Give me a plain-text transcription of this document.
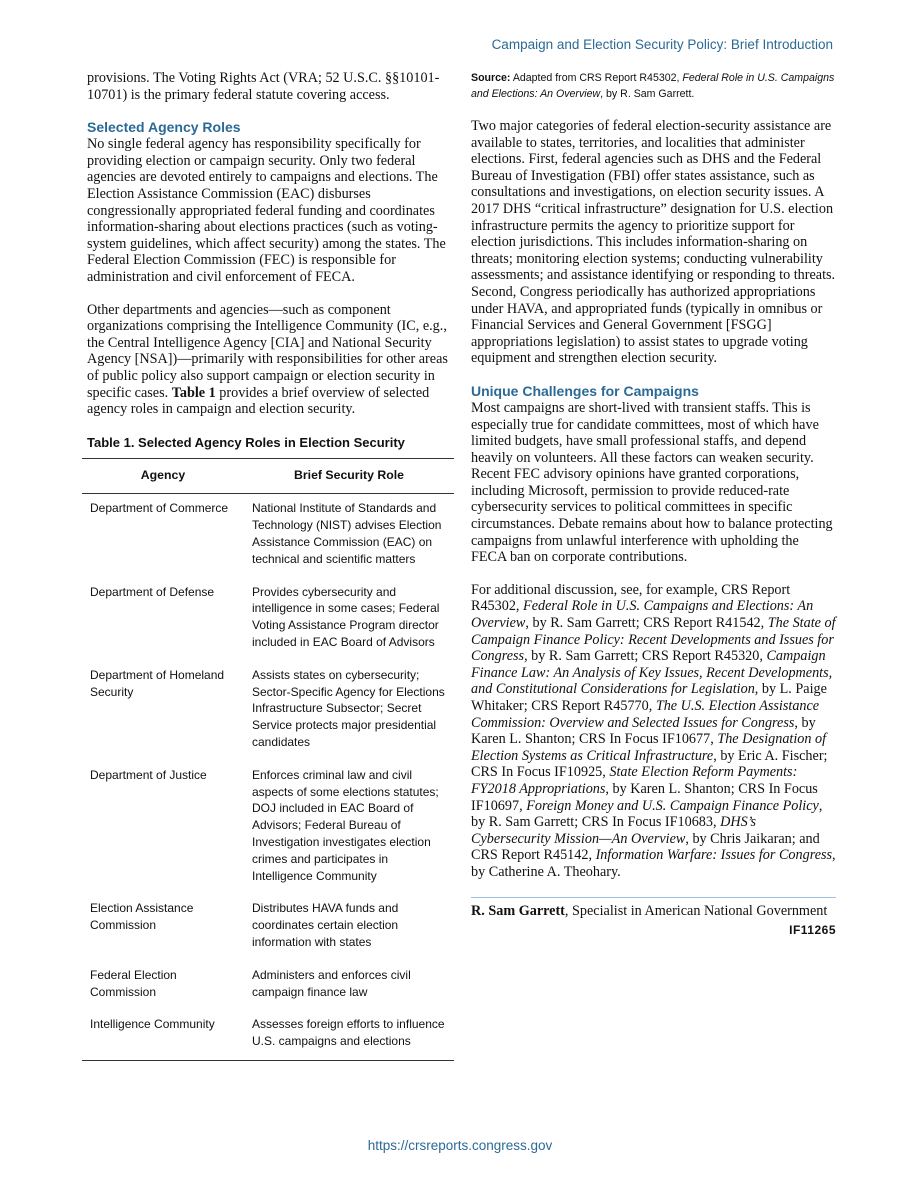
Campaign and Election Security Policy: Brief Introduction

provisions. The Voting Rights Act (VRA; 52 U.S.C. §§10101-10701) is the primary federal statute covering access.

Selected Agency Roles

No single federal agency has responsibility specifically for providing election or campaign security. Only two federal agencies are devoted entirely to campaigns and elections. The Election Assistance Commission (EAC) disburses congressionally appropriated federal funding and coordinates information-sharing about elections practices (such as voting-system guidelines, which affect security) among the states. The Federal Election Commission (FEC) is responsible for administration and civil enforcement of FECA.

Other departments and agencies—such as component organizations comprising the Intelligence Community (IC, e.g., the Central Intelligence Agency [CIA] and National Security Agency [NSA])—primarily with responsibilities for other areas of public policy also support campaign or election security in specific cases. Table 1 provides a brief overview of selected agency roles in campaign and election security.

Table 1. Selected Agency Roles in Election Security
Agency	Brief Security Role
Department of Commerce	National Institute of Standards and Technology (NIST) advises Election Assistance Commission (EAC) on technical and scientific matters
Department of Defense	Provides cybersecurity and intelligence in some cases; Federal Voting Assistance Program director included in EAC Board of Advisors
Department of Homeland Security	Assists states on cybersecurity; Sector-Specific Agency for Elections Infrastructure Subsector; Secret Service protects major presidential candidates
Department of Justice	Enforces criminal law and civil aspects of some elections statutes; DOJ included in EAC Board of Advisors; Federal Bureau of Investigation investigates election crimes and participates in Intelligence Community
Election Assistance Commission	Distributes HAVA funds and coordinates certain election information with states
Federal Election Commission	Administers and enforces civil campaign finance law
Intelligence Community	Assesses foreign efforts to influence U.S. campaigns and elections
Source: Adapted from CRS Report R45302, Federal Role in U.S. Campaigns and Elections: An Overview, by R. Sam Garrett.

Two major categories of federal election-security assistance are available to states, territories, and localities that administer elections. First, federal agencies such as DHS and the Federal Bureau of Investigation (FBI) offer states assistance, such as consultations and investigations, on election security issues. A 2017 DHS “critical infrastructure” designation for U.S. election infrastructure permits the agency to prioritize support for election jurisdictions. This includes information-sharing on threats; monitoring election systems; conducting vulnerability assessments; and assistance identifying or responding to threats. Second, Congress periodically has authorized appropriations under HAVA, and appropriated funds (typically in omnibus or Financial Services and General Government [FSGG] appropriations legislation) to assist states to upgrade voting equipment and strengthen election security.

Unique Challenges for Campaigns

Most campaigns are short-lived with transient staffs. This is especially true for candidate committees, most of which have limited budgets, have small professional staffs, and depend heavily on volunteers. All these factors can weaken security. Recent FEC advisory opinions have granted corporations, including Microsoft, permission to provide reduced-rate cybersecurity services to political committees in specific circumstances. Debate remains about how to balance protecting campaigns from unlawful interference with upholding the FECA ban on corporate contributions.

For additional discussion, see, for example, CRS Report R45302, Federal Role in U.S. Campaigns and Elections: An Overview, by R. Sam Garrett; CRS Report R41542, The State of Campaign Finance Policy: Recent Developments and Issues for Congress, by R. Sam Garrett; CRS Report R45320, Campaign Finance Law: An Analysis of Key Issues, Recent Developments, and Constitutional Considerations for Legislation, by L. Paige Whitaker; CRS Report R45770, The U.S. Election Assistance Commission: Overview and Selected Issues for Congress, by Karen L. Shanton; CRS In Focus IF10677, The Designation of Election Systems as Critical Infrastructure, by Eric A. Fischer; CRS In Focus IF10925, State Election Reform Payments: FY2018 Appropriations, by Karen L. Shanton; CRS In Focus IF10697, Foreign Money and U.S. Campaign Finance Policy, by R. Sam Garrett; CRS In Focus IF10683, DHS’s Cybersecurity Mission—An Overview, by Chris Jaikaran; and CRS Report R45142, Information Warfare: Issues for Congress, by Catherine A. Theohary.

R. Sam Garrett, Specialist in American National Government

IF11265
https://crsreports.congress.gov
